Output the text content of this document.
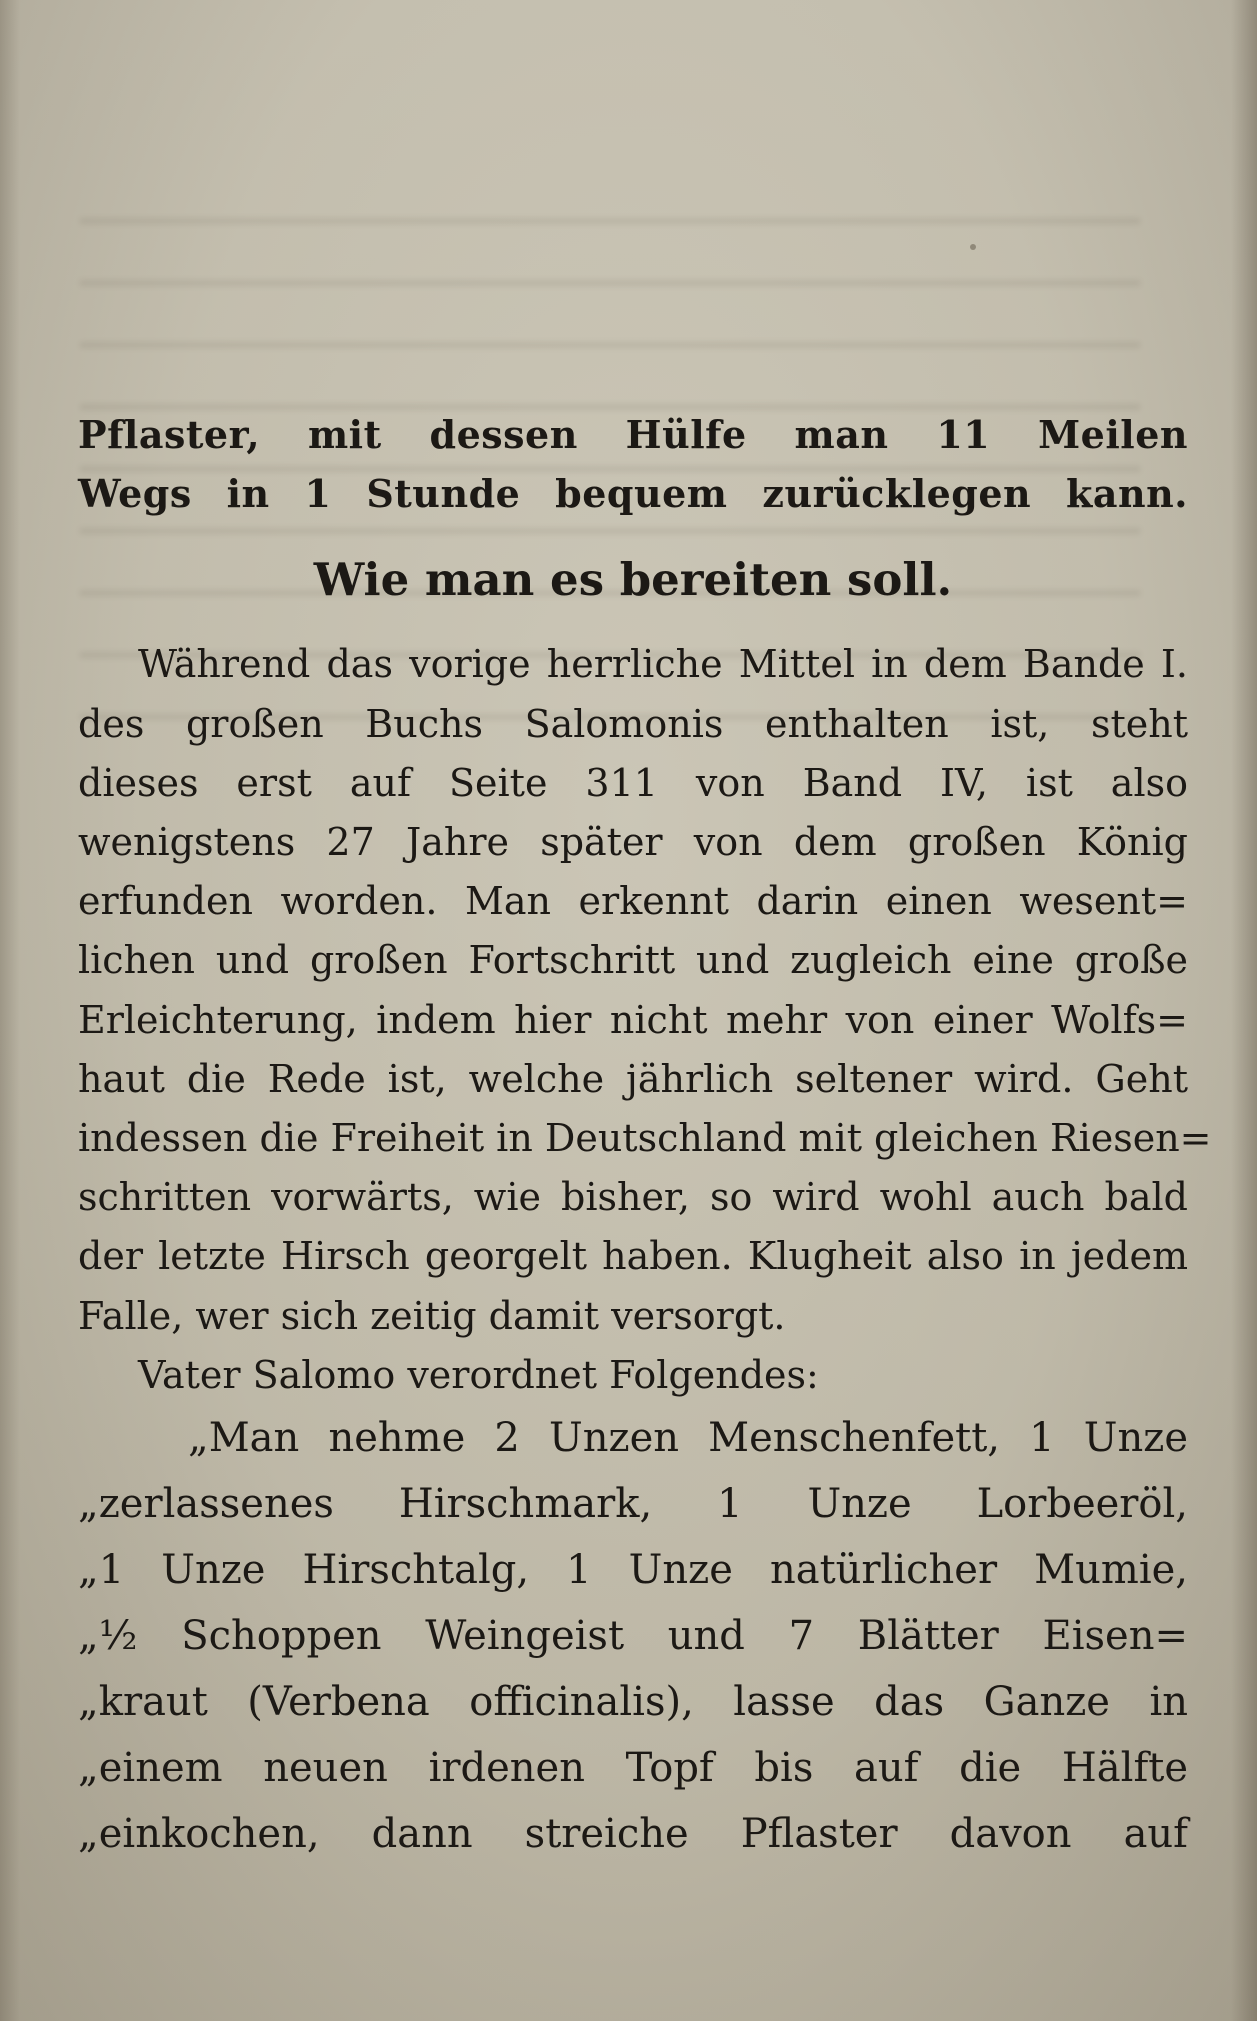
Pflaster, mit dessen Hülfe man 11 Meilen
Wegs in 1 Stunde bequem zurücklegen kann.
Wie man es bereiten soll.
Während das vorige herrliche Mittel in dem Bande I.
des großen Buchs Salomonis enthalten ist, steht
dieses erst auf Seite 311 von Band IV, ist also
wenigstens 27 Jahre später von dem großen König
erfunden worden. Man erkennt darin einen wesent=
lichen und großen Fortschritt und zugleich eine große
Erleichterung, indem hier nicht mehr von einer Wolfs=
haut die Rede ist, welche jährlich seltener wird. Geht
indessen die Freiheit in Deutschland mit gleichen Riesen=
schritten vorwärts, wie bisher, so wird wohl auch bald
der letzte Hirsch georgelt haben. Klugheit also in jedem
Falle, wer sich zeitig damit versorgt.
Vater Salomo verordnet Folgendes:
„Man nehme 2 Unzen Menschenfett, 1 Unze
„zerlassenes Hirschmark, 1 Unze Lorbeeröl,
„1 Unze Hirschtalg, 1 Unze natürlicher Mumie,
„½ Schoppen Weingeist und 7 Blätter Eisen=
„kraut (Verbena officinalis), lasse das Ganze in
„einem neuen irdenen Topf bis auf die Hälfte
„einkochen, dann streiche Pflaster davon auf
